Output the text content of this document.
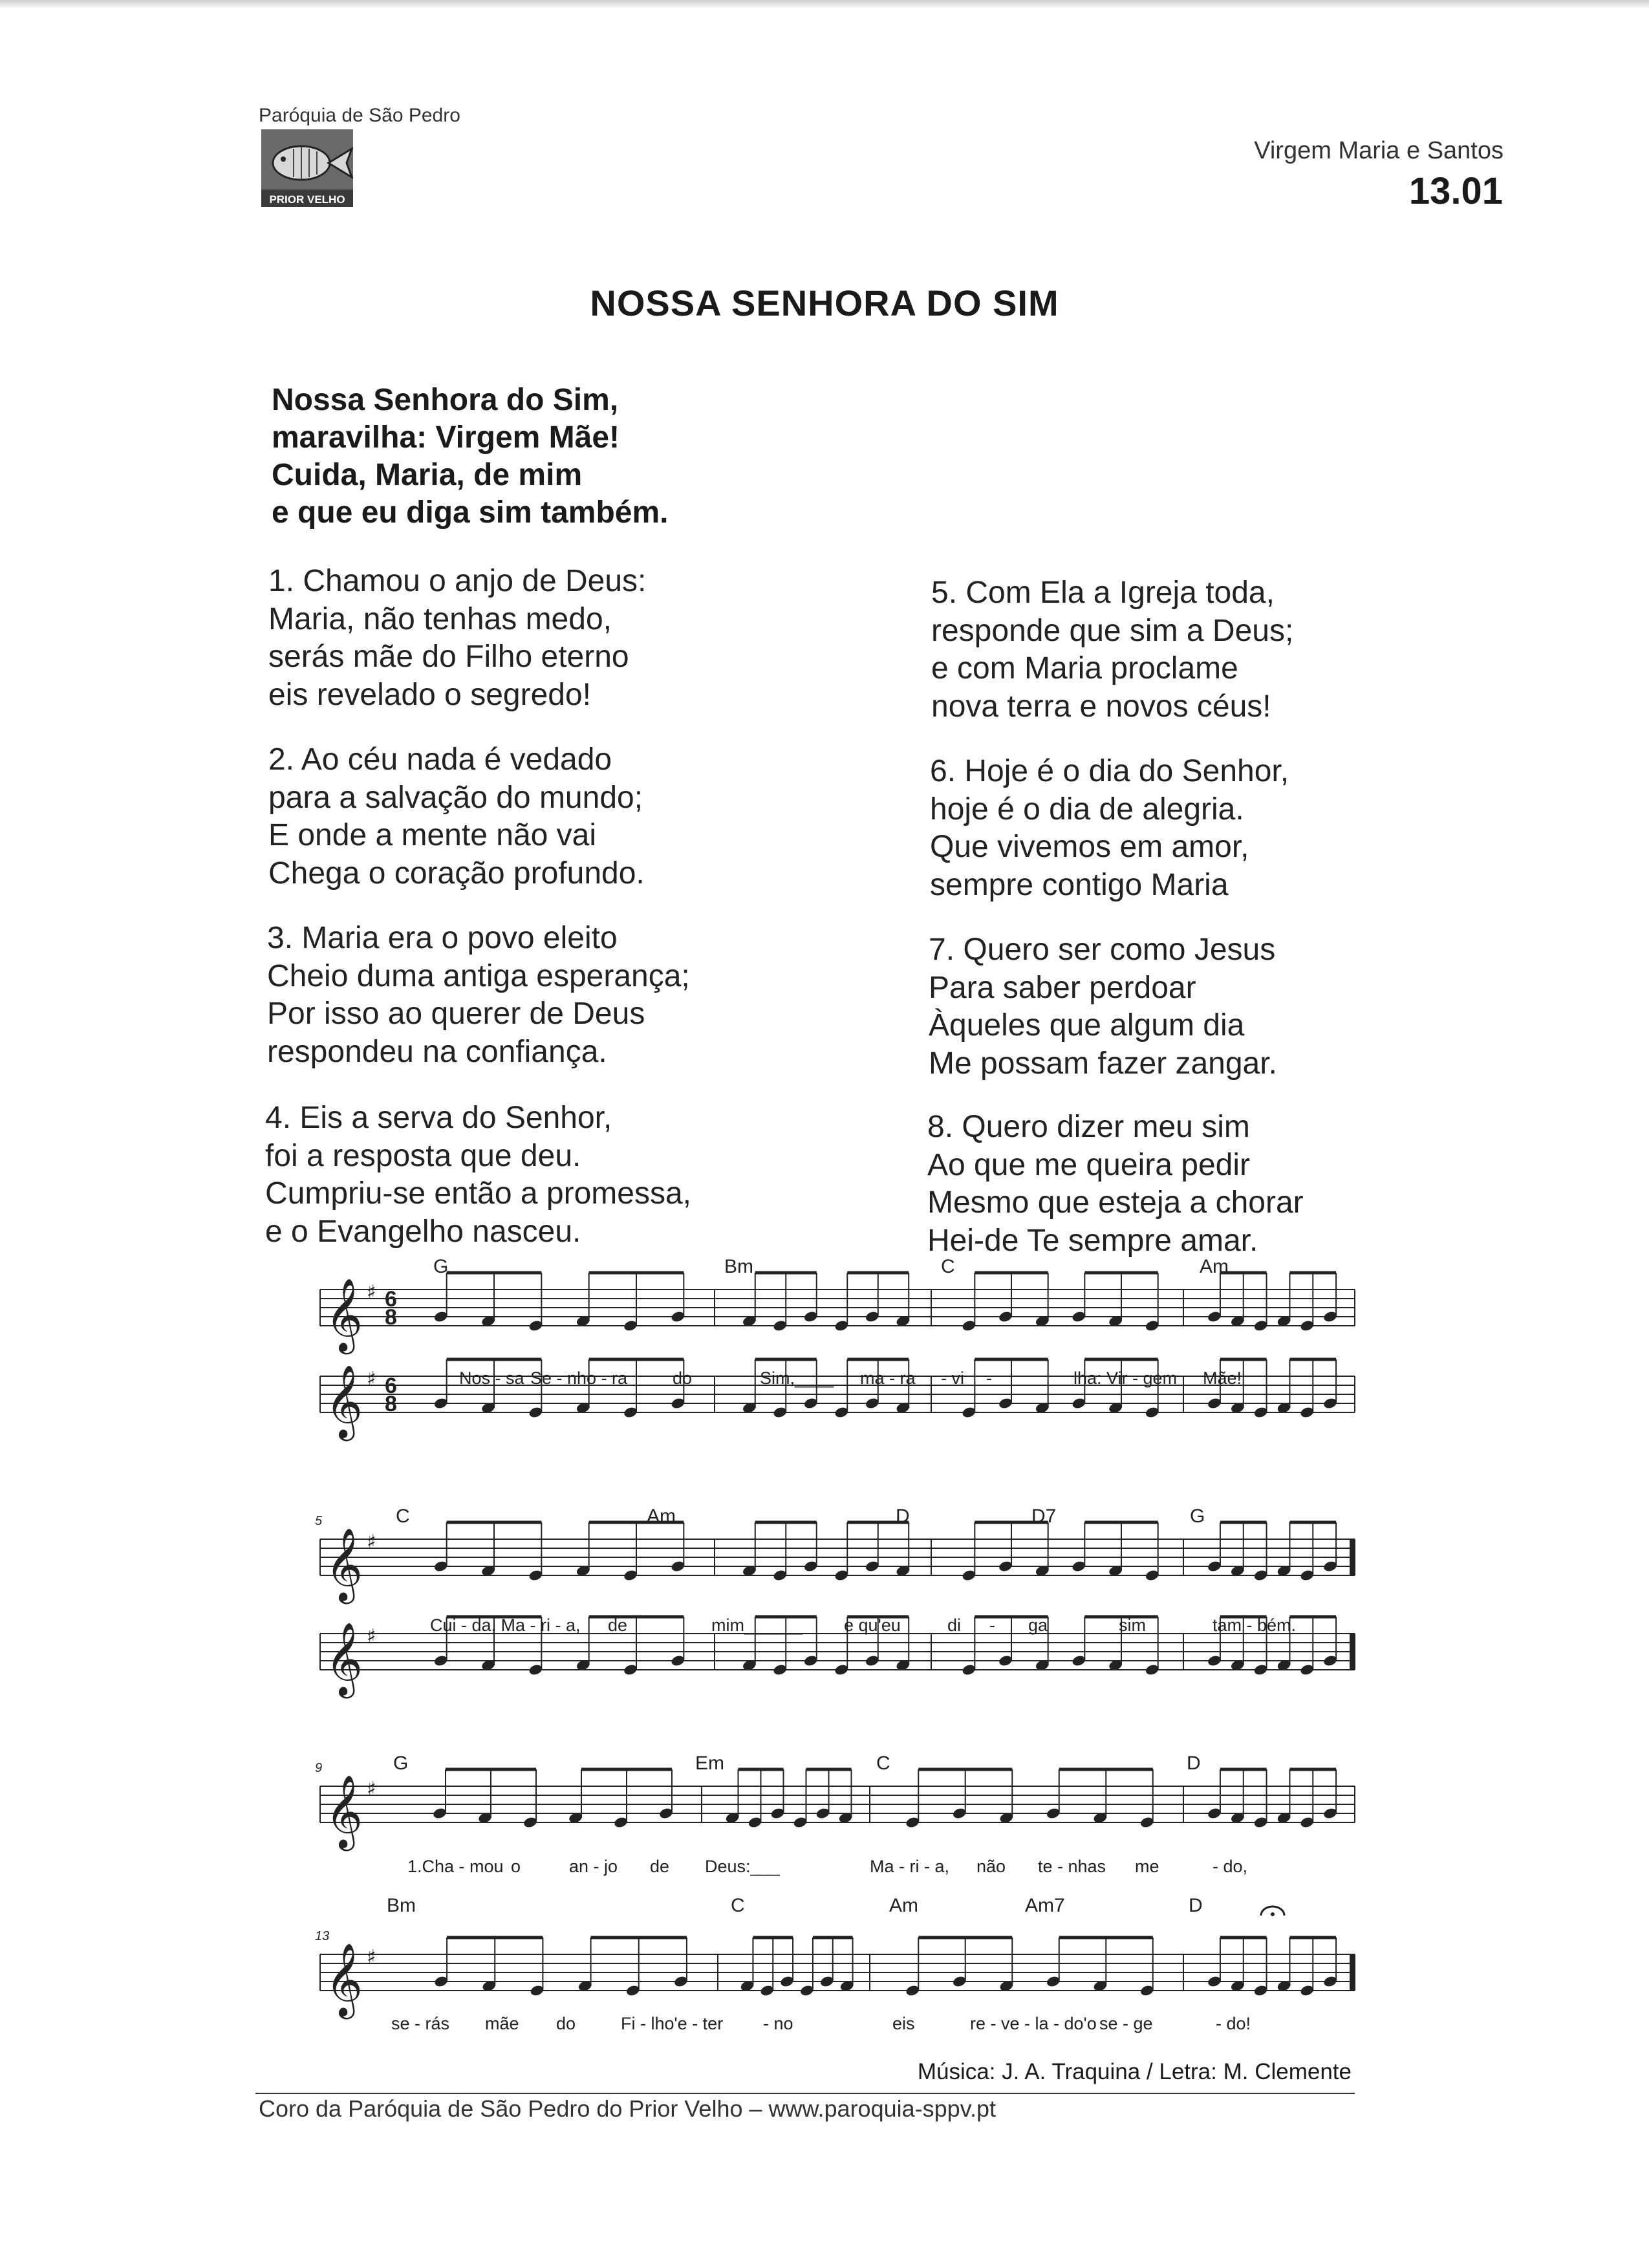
Paróquia de São Pedro
PRIOR VELHO
Virgem Maria e Santos
13.01
NOSSA SENHORA DO SIM
Nossa Senhora do Sim,
maravilha: Virgem Mãe!
Cuida, Maria, de mim
e que eu diga sim também.
1. Chamou o anjo de Deus:
Maria, não tenhas medo,
serás mãe do Filho eterno
eis revelado o segredo!
2. Ao céu nada é vedado
para a salvação do mundo;
E onde a mente não vai
Chega o coração profundo.
3. Maria era o povo eleito
Cheio duma antiga esperança;
Por isso ao querer de Deus
respondeu na confiança.
4. Eis a serva do Senhor,
foi a resposta que deu.
Cumpriu-se então a promessa,
e o Evangelho nasceu.
5. Com Ela a Igreja toda,
responde que sim a Deus;
e com Maria proclame
nova terra e novos céus!
6. Hoje é o dia do Senhor,
hoje é o dia de alegria.
Que vivemos em amor,
sempre contigo Maria
7. Quero ser como Jesus
Para saber perdoar
Àqueles que algum dia
Me possam fazer zangar.
8. Quero dizer meu sim
Ao que me queira pedir
Mesmo que esteja a chorar
Hei-de Te sempre amar.
𝄞 ♯ 6
8
𝄞 ♯ 6
8
G	Bm	C	Am
Nos - sa Se - nho - ra	do	Sim,____ ma - ra - vi -	lha: Vir - gem Mãe!
𝄞 ♯
𝄞 ♯
5	C	Am	D	D7	G
Cui - da, Ma - ri - a, de	mim______ e qu'eu	di - ga	sim	tam - bém.
𝄞 ♯
9	G	Em	C	D
1.Cha - mou o	an - jo de Deus:___	Ma - ri - a, não te - nhas me	- do,
𝄞 ♯
13
Bm	C	Am	Am7	D
se - rás mãe do	Fi - lho'e - ter - no	eis	re - ve - la - do'o se - ge	- do!
Música: J. A. Traquina / Letra: M. Clemente
Coro da Paróquia de São Pedro do Prior Velho – www.paroquia-sppv.pt
